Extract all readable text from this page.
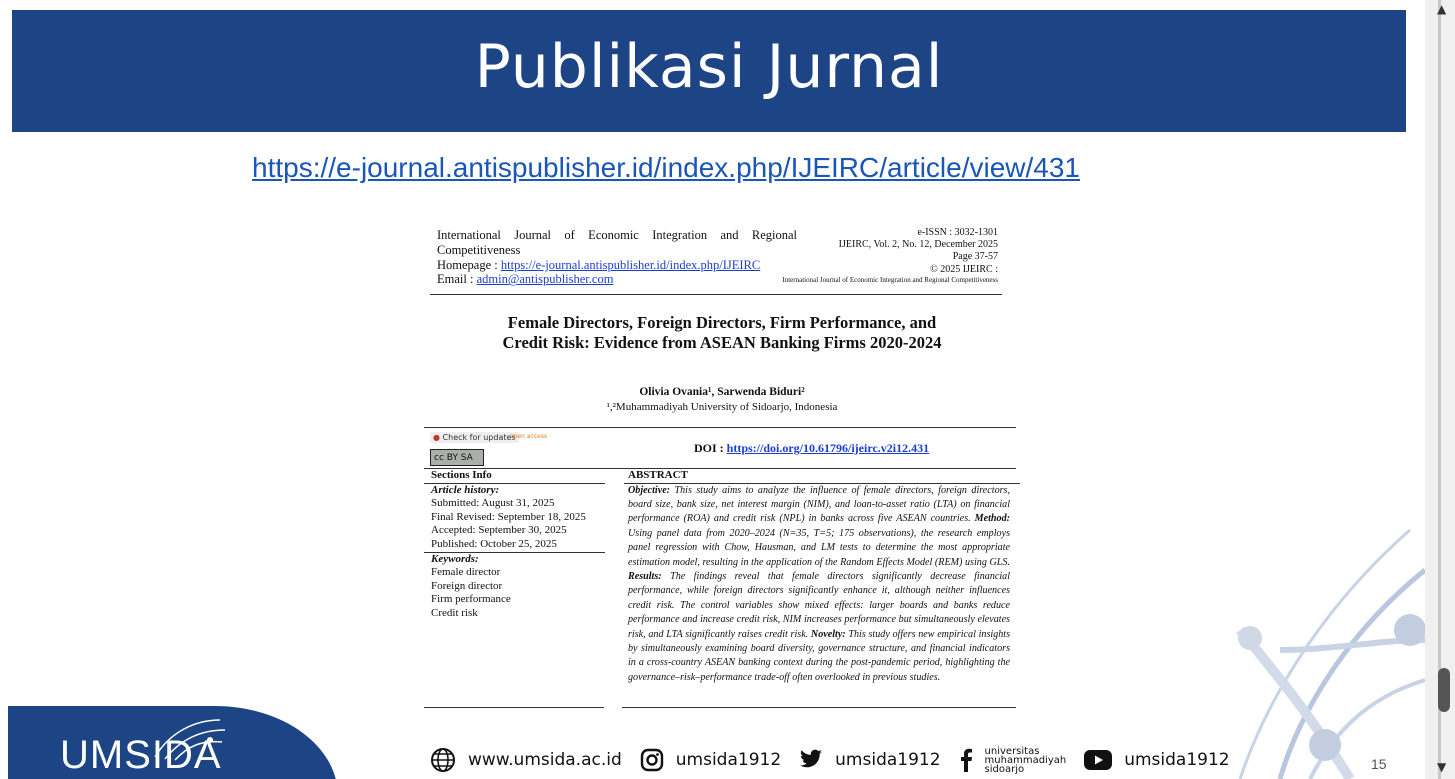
Publikasi Jurnal
https://e-journal.antispublisher.id/index.php/IJEIRC/article/view/431
International Journal of Economic Integration and Regional Competitiveness
Homepage : https://e-journal.antispublisher.id/index.php/IJEIRC
Email : admin@antispublisher.com
e-ISSN : 3032-1301
IJEIRC, Vol. 2, No. 12, December 2025
Page 37-57
© 2025 IJEIRC :
International Journal of Economic Integration and Regional Competitiveness
Female Directors, Foreign Directors, Firm Performance, and
Credit Risk: Evidence from ASEAN Banking Firms 2020-2024
Olivia Ovania¹, Sarwenda Biduri²
¹,²Muhammadiyah University of Sidoarjo, Indonesia
● Check for updates
open access
cc BY SA
DOI : https://doi.org/10.61796/ijeirc.v2i12.431
Sections Info
Article history:
Submitted: August 31, 2025
Final Revised: September 18, 2025
Accepted: September 30, 2025
Published: October 25, 2025
Keywords:
Female director
Foreign director
Firm performance
Credit risk
ABSTRACT

Objective: This study aims to analyze the influence of female directors, foreign directors, board size, bank size, net interest margin (NIM), and loan-to-asset ratio (LTA) on financial performance (ROA) and credit risk (NPL) in banks across five ASEAN countries. Method: Using panel data from 2020–2024 (N=35, T=5; 175 observations), the research employs panel regression with Chow, Hausman, and LM tests to determine the most appropriate estimation model, resulting in the application of the Random Effects Model (REM) using GLS. Results: The findings reveal that female directors significantly decrease financial performance, while foreign directors significantly enhance it, although neither influences credit risk. The control variables show mixed effects: larger boards and banks reduce performance and increase credit risk, NIM increases performance but simultaneously elevates risk, and LTA significantly raises credit risk. Novelty: This study offers new empirical insights by simultaneously examining board diversity, governance structure, and financial indicators in a cross-country ASEAN banking context during the post-pandemic period, highlighting the governance–risk–performance trade-off often overlooked in previous studies.

UMSIDA	www.umsida.ac.id	umsida1912	umsida1912	universitas
muhammadiyah
sidoarjo	umsida1912	15
▲
▼
